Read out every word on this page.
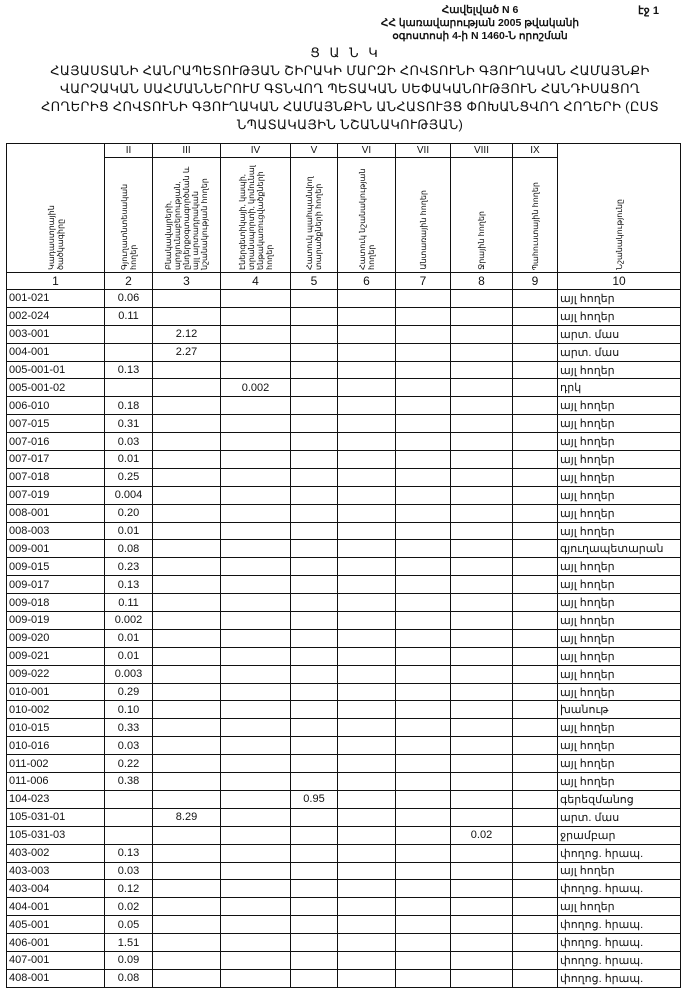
Հավելված N 6
ՀՀ կառավարության 2005 թվականի
օգոստոսի 4-ի N 1460-Ն որոշման
էջ 1
Ց Ա Ն Կ
ՀԱՅԱՍՏԱՆԻ ՀԱՆՐԱՊԵՏՈՒԹՅԱՆ ՇԻՐԱԿԻ ՄԱՐԶԻ ՀՈՎՏՈՒՆԻ ԳՅՈՒՂԱԿԱՆ ՀԱՄԱՅՆՔԻ ՎԱՐՉԱԿԱՆ ՍԱՀՄԱՆՆԵՐՈՒՄ ԳՏՆՎՈՂ ՊԵՏԱԿԱՆ ՍԵՓԱԿԱՆՈՒԹՅՈՒՆ ՀԱՆԴԻՍԱՑՈՂ ՀՈՂԵՐԻՑ ՀՈՎՏՈՒՆԻ ԳՅՈՒՂԱԿԱՆ ՀԱՄԱՅՆՔԻՆ ԱՆՀԱՏՈՒՅՑ ՓՈԽԱՆՑՎՈՂ ՀՈՂԵՐԻ (ԸՍՏ ՆՊԱՏԱԿԱՅԻՆ ՆՇԱՆԱԿՈՒԹՅԱՆ)
Կադաստրային ծածկագիրը	II	III	IV	V	VI	VII	VIII	IX	Նշանակությունը

	Գյուղատնտեսական հողեր	Բնակավայրերի, արդյունաբերության, ընդերքօգտագործման և այլ արտադրական նշանակության հողեր	Էներգետիկայի, կապի, տրանսպորտի, կոմունալ ենթակառուցվածքների հողեր	Հատուկ պահպանվող տարածքների հողեր	Հատուկ նշանակության հողեր	Անտառային հողեր	Ջրային հողեր	Պահուստային հողեր	

1	2	3	4	5	6	7	8	9	10
001-021	0.06								այլ հողեր
002-024	0.11								այլ հողեր
003-001		2.12							արտ. մաս
004-001		2.27							արտ. մաս
005-001-01	0.13								այլ հողեր
005-001-02			0.002						դրկ
006-010	0.18								այլ հողեր
007-015	0.31								այլ հողեր
007-016	0.03								այլ հողեր
007-017	0.01								այլ հողեր
007-018	0.25								այլ հողեր
007-019	0.004								այլ հողեր
008-001	0.20								այլ հողեր
008-003	0.01								այլ հողեր
009-001	0.08								գյուղապետարան
009-015	0.23								այլ հողեր
009-017	0.13								այլ հողեր
009-018	0.11								այլ հողեր
009-019	0.002								այլ հողեր
009-020	0.01								այլ հողեր
009-021	0.01								այլ հողեր
009-022	0.003								այլ հողեր
010-001	0.29								այլ հողեր
010-002	0.10								խանութ
010-015	0.33								այլ հողեր
010-016	0.03								այլ հողեր
011-002	0.22								այլ հողեր
011-006	0.38								այլ հողեր
104-023				0.95					գերեզմանոց
105-031-01		8.29							արտ. մաս
105-031-03							0.02		ջրամբար
403-002	0.13								փողոց. հրապ.
403-003	0.03								այլ հողեր
403-004	0.12								փողոց. հրապ.
404-001	0.02								այլ հողեր
405-001	0.05								փողոց. հրապ.
406-001	1.51								փողոց. հրապ.
407-001	0.09								փողոց. հրապ.
408-001	0.08								փողոց. հրապ.
